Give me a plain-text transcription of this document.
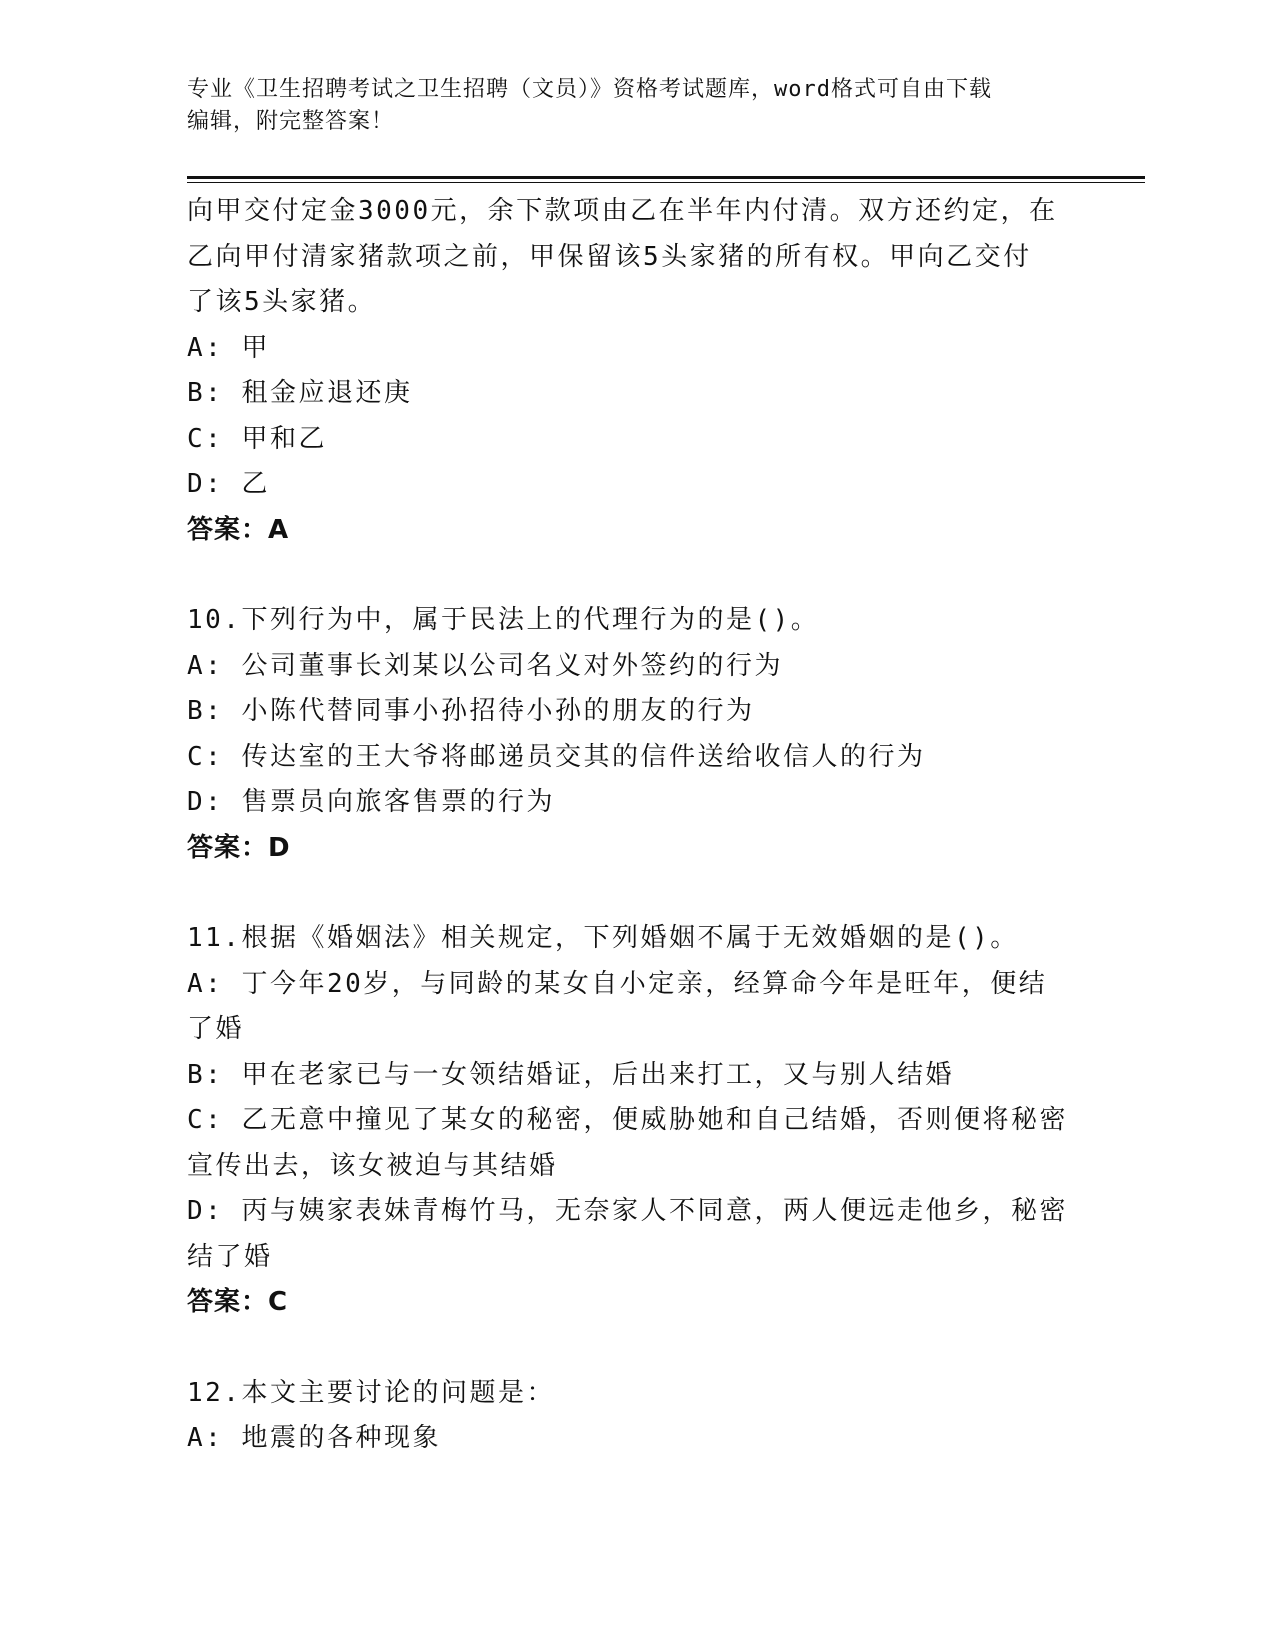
专业《卫生招聘考试之卫生招聘（文员）》资格考试题库，word格式可自由下载
编辑，附完整答案！
向甲交付定金3000元，余下款项由乙在半年内付清。双方还约定，在
乙向甲付清家猪款项之前，甲保留该5头家猪的所有权。甲向乙交付
了该5头家猪。
A: 甲
B: 租金应退还庚
C: 甲和乙
D: 乙
答案：A
10.下列行为中，属于民法上的代理行为的是()。
A: 公司董事长刘某以公司名义对外签约的行为
B: 小陈代替同事小孙招待小孙的朋友的行为
C: 传达室的王大爷将邮递员交其的信件送给收信人的行为
D: 售票员向旅客售票的行为
答案：D
11.根据《婚姻法》相关规定，下列婚姻不属于无效婚姻的是()。
A: 丁今年20岁，与同龄的某女自小定亲，经算命今年是旺年，便结
了婚
B: 甲在老家已与一女领结婚证，后出来打工，又与别人结婚
C: 乙无意中撞见了某女的秘密，便威胁她和自己结婚，否则便将秘密
宣传出去，该女被迫与其结婚
D: 丙与姨家表妹青梅竹马，无奈家人不同意，两人便远走他乡，秘密
结了婚
答案：C
12.本文主要讨论的问题是：
A: 地震的各种现象
